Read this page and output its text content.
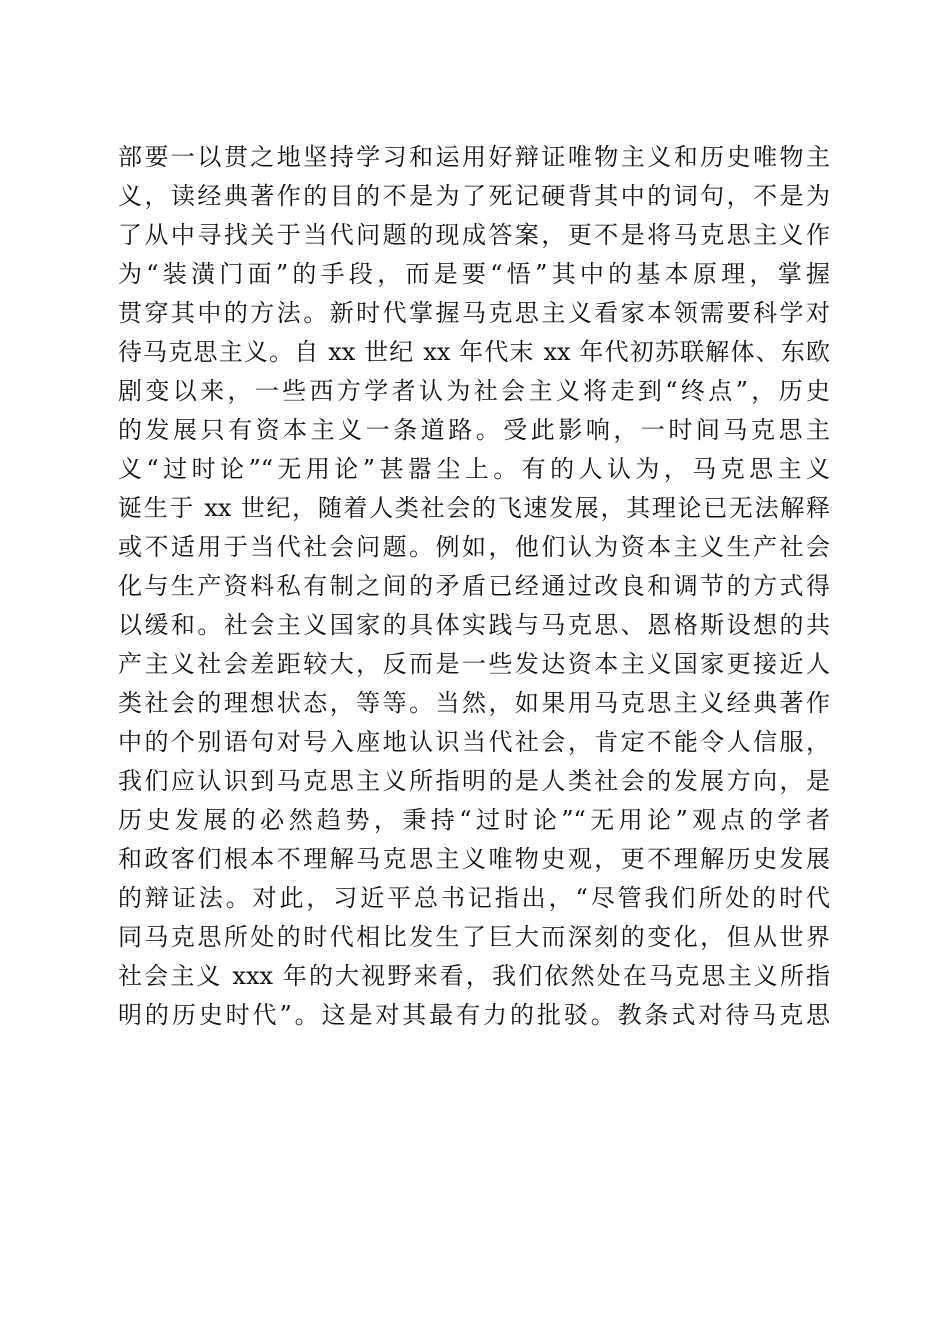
部要一以贯之地坚持学习和运用好辩证唯物主义和历史唯物主
义，读经典著作的目的不是为了死记硬背其中的词句，不是为
了从中寻找关于当代问题的现成答案，更不是将马克思主义作
为“装潢门面”的手段，而是要“悟”其中的基本原理，掌握
贯穿其中的方法。新时代掌握马克思主义看家本领需要科学对
待马克思主义。自 xx 世纪 xx 年代末 xx 年代初苏联解体、东欧
剧变以来，一些西方学者认为社会主义将走到“终点”，历史
的发展只有资本主义一条道路。受此影响，一时间马克思主
义“过时论”“无用论”甚嚣尘上。有的人认为，马克思主义
诞生于 xx 世纪，随着人类社会的飞速发展，其理论已无法解释
或不适用于当代社会问题。例如，他们认为资本主义生产社会
化与生产资料私有制之间的矛盾已经通过改良和调节的方式得
以缓和。社会主义国家的具体实践与马克思、恩格斯设想的共
产主义社会差距较大，反而是一些发达资本主义国家更接近人
类社会的理想状态，等等。当然，如果用马克思主义经典著作
中的个别语句对号入座地认识当代社会，肯定不能令人信服，
我们应认识到马克思主义所指明的是人类社会的发展方向，是
历史发展的必然趋势，秉持“过时论”“无用论”观点的学者
和政客们根本不理解马克思主义唯物史观，更不理解历史发展
的辩证法。对此，习近平总书记指出，“尽管我们所处的时代
同马克思所处的时代相比发生了巨大而深刻的变化，但从世界
社会主义 xxx 年的大视野来看，我们依然处在马克思主义所指
明的历史时代”。这是对其最有力的批驳。教条式对待马克思
